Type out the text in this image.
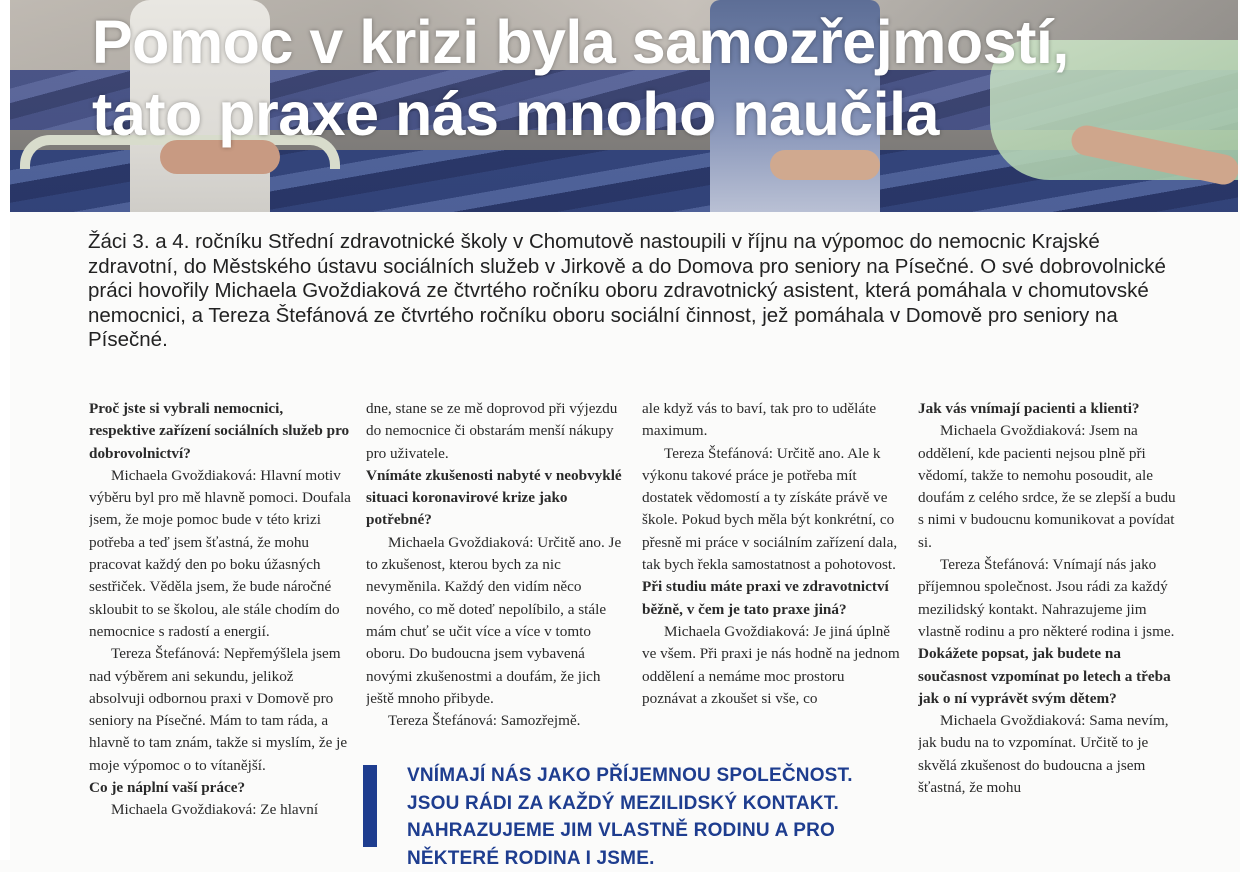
Pomoc v krizi byla samozřejmostí,
tato praxe nás mnoho naučila

Žáci 3. a 4. ročníku Střední zdravotnické školy v Chomutově nastoupili v říjnu na výpomoc do nemocnic Krajské zdravotní, do Městského ústavu sociálních služeb v Jirkově a do Domova pro seniory na Písečné. O své dobrovolnické práci hovořily Michaela Gvoždiaková ze čtvrtého ročníku oboru zdravotnický asistent, která pomáhala v chomutovské nemocnici, a Tereza Štefánová ze čtvrtého ročníku oboru sociální činnost, jež pomáhala v Domově pro seniory na Písečné.

Proč jste si vybrali nemocnici, respektive zařízení sociálních služeb pro dobrovolnictví?

Michaela Gvoždiaková: Hlavní motiv výběru byl pro mě hlavně pomoci. Doufala jsem, že moje pomoc bude v této krizi potřeba a teď jsem šťastná, že mohu pracovat každý den po boku úžasných sestřiček. Věděla jsem, že bude náročné skloubit to se školou, ale stále chodím do nemocnice s radostí a energií.

Tereza Štefánová: Nepřemýšlela jsem nad výběrem ani sekundu, jelikož absolvuji odbornou praxi v Domově pro seniory na Písečné. Mám to tam ráda, a hlavně to tam znám, takže si myslím, že je moje výpomoc o to vítanější.

Co je náplní vaší práce?

Michaela Gvoždiaková: Ze hlavní

dne, stane se ze mě doprovod při výjezdu do nemocnice či obstarám menší nákupy pro uživatele.

Vnímáte zkušenosti nabyté v neobvyklé situaci koronavirové krize jako potřebné?

Michaela Gvoždiaková: Určitě ano. Je to zkušenost, kterou bych za nic nevyměnila. Každý den vidím něco nového, co mě doteď nepolíbilo, a stále mám chuť se učit více a více v tomto oboru. Do budoucna jsem vybavená novými zkušenostmi a doufám, že jich ještě mnoho přibyde.

Tereza Štefánová: Samozřejmě.

ale když vás to baví, tak pro to uděláte maximum.

Tereza Štefánová: Určitě ano. Ale k výkonu takové práce je potřeba mít dostatek vědomostí a ty získáte právě ve škole. Pokud bych měla být konkrétní, co přesně mi práce v sociálním zařízení dala, tak bych řekla samostatnost a pohotovost.

Při studiu máte praxi ve zdravotnictví běžně, v čem je tato praxe jiná?

Michaela Gvoždiaková: Je jiná úplně ve všem. Při praxi je nás hodně na jednom oddělení a nemáme moc prostoru poznávat a zkoušet si vše, co

Jak vás vnímají pacienti a klienti?

Michaela Gvoždiaková: Jsem na oddělení, kde pacienti nejsou plně při vědomí, takže to nemohu posoudit, ale doufám z celého srdce, že se zlepší a budu s nimi v budoucnu komunikovat a povídat si.

Tereza Štefánová: Vnímají nás jako příjemnou společnost. Jsou rádi za každý mezilidský kontakt. Nahrazujeme jim vlastně rodinu a pro některé rodina i jsme.

Dokážete popsat, jak budete na současnost vzpomínat po letech a třeba jak o ní vyprávět svým dětem?

Michaela Gvoždiaková: Sama nevím, jak budu na to vzpomínat. Určitě to je skvělá zkušenost do budoucna a jsem šťastná, že mohu

VNÍMAJÍ NÁS JAKO PŘÍJEMNOU SPOLEČNOST. JSOU RÁDI ZA KAŽDÝ MEZILIDSKÝ KONTAKT. NAHRAZUJEME JIM VLASTNĚ RODINU A PRO NĚKTERÉ RODINA I JSME.
